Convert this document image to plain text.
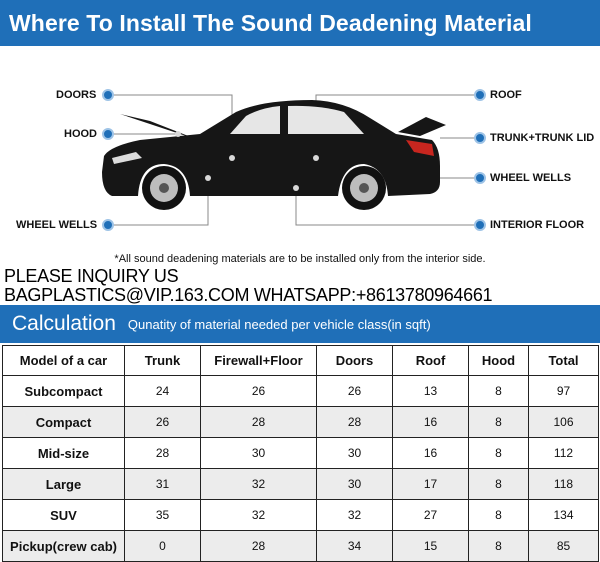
Where To Install The Sound Deadening Material
DOORS
HOOD
WHEEL WELLS
ROOF
TRUNK+TRUNK LID
WHEEL WELLS
INTERIOR FLOOR
*All sound deadening materials are to be installed only from the interior side.
PLEASE INQUIRY US
BAGPLASTICS@VIP.163.COM WHATSAPP:+8613780964661
Calculation Qunatity of material needed per vehicle class(in sqft)
Model of a car	Trunk	Firewall+Floor	Doors	Roof	Hood	Total
Subcompact	24	26	26	13	8	97
Compact	26	28	28	16	8	106
Mid-size	28	30	30	16	8	112
Large	31	32	30	17	8	118
SUV	35	32	32	27	8	134
Pickup(crew cab)	0	28	34	15	8	85
